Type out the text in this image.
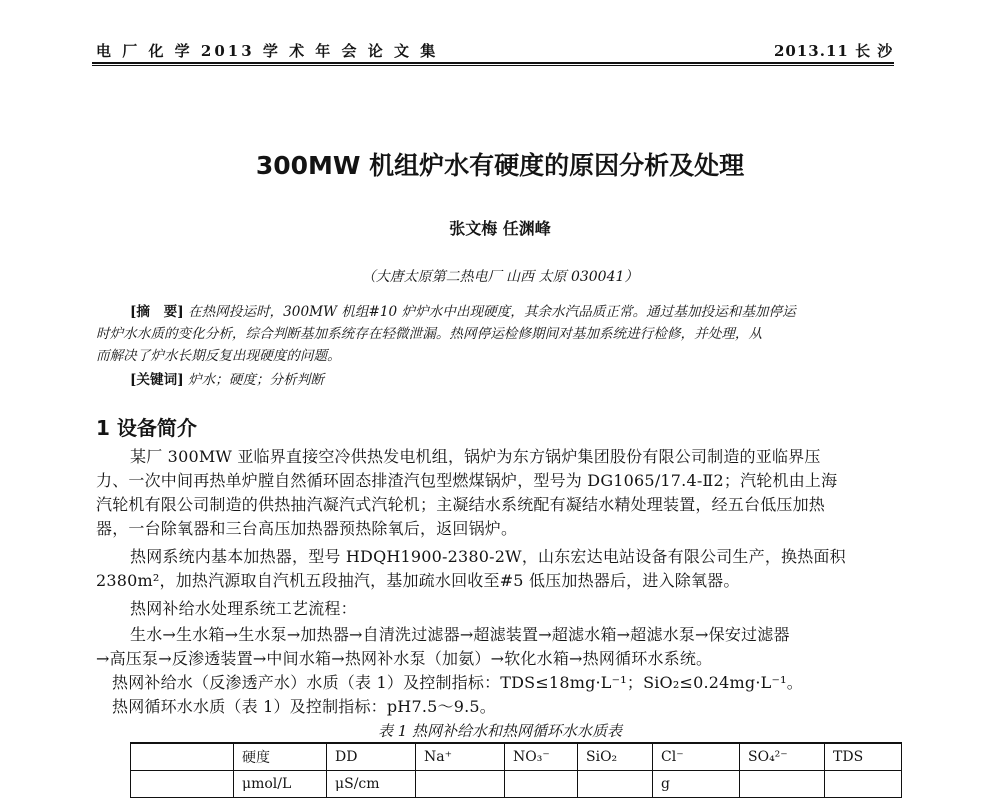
电 厂 化 学 2013 学 术 年 会 论 文 集	2013.11 长 沙
300MW 机组炉水有硬度的原因分析及处理
张文梅 任渊峰
（大唐太原第二热电厂 山西 太原 030041）
[摘　要] 在热网投运时，300MW 机组#10 炉炉水中出现硬度，其余水汽品质正常。通过基加投运和基加停运
时炉水水质的变化分析，综合判断基加系统存在轻微泄漏。热网停运检修期间对基加系统进行检修，并处理，从
而解决了炉水长期反复出现硬度的问题。
[关键词] 炉水；硬度；分析判断
1 设备简介
某厂 300MW 亚临界直接空冷供热发电机组，锅炉为东方锅炉集团股份有限公司制造的亚临界压
力、一次中间再热单炉膛自然循环固态排渣汽包型燃煤锅炉，型号为 DG1065/17.4-Ⅱ2；汽轮机由上海
汽轮机有限公司制造的供热抽汽凝汽式汽轮机；主凝结水系统配有凝结水精处理装置，经五台低压加热
器，一台除氧器和三台高压加热器预热除氧后，返回锅炉。
热网系统内基本加热器，型号 HDQH1900-2380-2W，山东宏达电站设备有限公司生产，换热面积
2380m²，加热汽源取自汽机五段抽汽，基加疏水回收至#5 低压加热器后，进入除氧器。
热网补给水处理系统工艺流程：
生水→生水箱→生水泵→加热器→自清洗过滤器→超滤装置→超滤水箱→超滤水泵→保安过滤器
→高压泵→反渗透装置→中间水箱→热网补水泵（加氨）→软化水箱→热网循环水系统。
热网补给水（反渗透产水）水质（表 1）及控制指标：TDS≤18mg·L⁻¹；SiO₂≤0.24mg·L⁻¹。
热网循环水水质（表 1）及控制指标：pH7.5～9.5。
表 1 热网补给水和热网循环水水质表
	硬度	DD	Na⁺	NO₃⁻	SiO₂	Cl⁻	SO₄²⁻	TDS
	μmol/L	μS/cm				g		
